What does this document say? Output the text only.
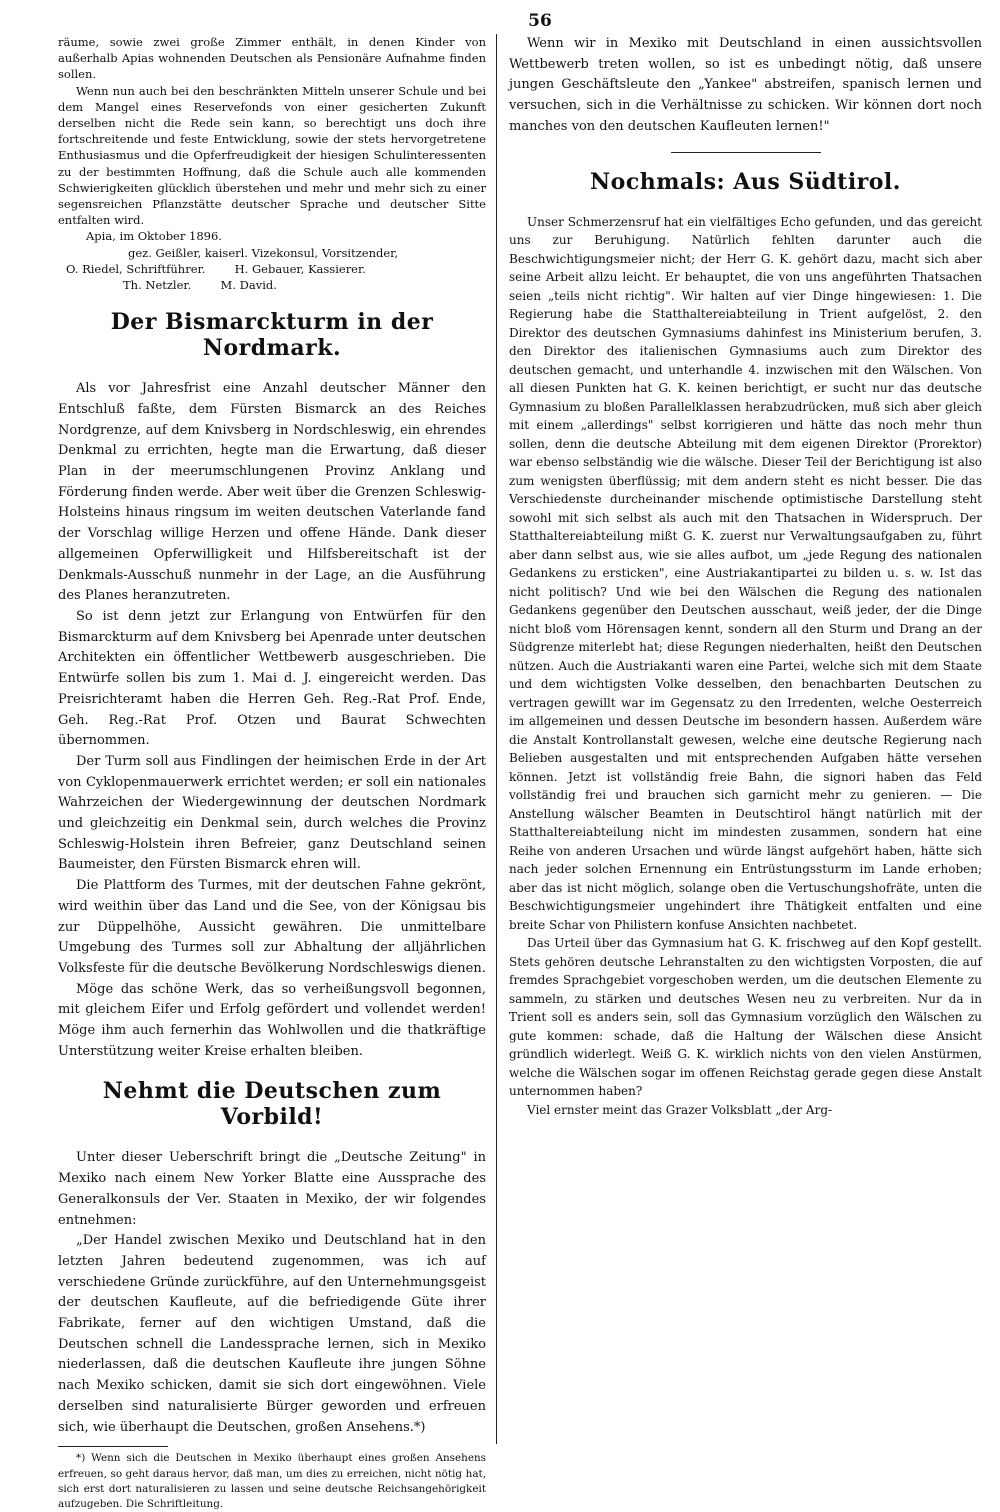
56

räume, sowie zwei große Zimmer enthält, in denen Kinder von außerhalb Apias wohnenden Deutschen als Pensionäre Aufnahme finden sollen.

Wenn nun auch bei den beschränkten Mitteln unserer Schule und bei dem Mangel eines Reservefonds von einer gesicherten Zukunft derselben nicht die Rede sein kann, so berechtigt uns doch ihre fortschreitende und feste Entwicklung, sowie der stets hervorgetretene Enthusiasmus und die Opferfreudigkeit der hiesigen Schulinteressenten zu der bestimmten Hoffnung, daß die Schule auch alle kommenden Schwierigkeiten glücklich überstehen und mehr und mehr sich zu einer segensreichen Pflanzstätte deutscher Sprache und deutscher Sitte entfalten wird.

Apia, im Oktober 1896.
gez. Geißler, kaiserl. Vizekonsul, Vorsitzender,
O. Riedel, Schriftführer.        H. Gebauer, Kassierer.
Th. Netzler.        M. David.
Der Bismarckturm in der Nordmark.

Als vor Jahresfrist eine Anzahl deutscher Männer den Entschluß faßte, dem Fürsten Bismarck an des Reiches Nordgrenze, auf dem Knivsberg in Nordschleswig, ein ehrendes Denkmal zu errichten, hegte man die Erwartung, daß dieser Plan in der meerumschlungenen Provinz Anklang und Förderung finden werde. Aber weit über die Grenzen Schleswig-Holsteins hinaus ringsum im weiten deutschen Vaterlande fand der Vorschlag willige Herzen und offene Hände. Dank dieser allgemeinen Opferwilligkeit und Hilfsbereitschaft ist der Denkmals-Ausschuß nunmehr in der Lage, an die Ausführung des Planes heranzutreten.

So ist denn jetzt zur Erlangung von Entwürfen für den Bismarckturm auf dem Knivsberg bei Apenrade unter deutschen Architekten ein öffentlicher Wettbewerb ausgeschrieben. Die Entwürfe sollen bis zum 1. Mai d. J. eingereicht werden. Das Preisrichteramt haben die Herren Geh. Reg.-Rat Prof. Ende, Geh. Reg.-Rat Prof. Otzen und Baurat Schwechten übernommen.

Der Turm soll aus Findlingen der heimischen Erde in der Art von Cyklopenmauerwerk errichtet werden; er soll ein nationales Wahrzeichen der Wiedergewinnung der deutschen Nordmark und gleichzeitig ein Denkmal sein, durch welches die Provinz Schleswig-Holstein ihren Befreier, ganz Deutschland seinen Baumeister, den Fürsten Bismarck ehren will.

Die Plattform des Turmes, mit der deutschen Fahne gekrönt, wird weithin über das Land und die See, von der Königsau bis zur Düppelhöhe, Aussicht gewähren. Die unmittelbare Umgebung des Turmes soll zur Abhaltung der alljährlichen Volksfeste für die deutsche Bevölkerung Nordschleswigs dienen.

Möge das schöne Werk, das so verheißungsvoll begonnen, mit gleichem Eifer und Erfolg gefördert und vollendet werden! Möge ihm auch fernerhin das Wohlwollen und die thatkräftige Unterstützung weiter Kreise erhalten bleiben.

Nehmt die Deutschen zum Vorbild!

Unter dieser Ueberschrift bringt die „Deutsche Zeitung" in Mexiko nach einem New Yorker Blatte eine Aussprache des Generalkonsuls der Ver. Staaten in Mexiko, der wir folgendes entnehmen:

„Der Handel zwischen Mexiko und Deutschland hat in den letzten Jahren bedeutend zugenommen, was ich auf verschiedene Gründe zurückführe, auf den Unternehmungsgeist der deutschen Kaufleute, auf die befriedigende Güte ihrer Fabrikate, ferner auf den wichtigen Umstand, daß die Deutschen schnell die Landessprache lernen, sich in Mexiko niederlassen, daß die deutschen Kaufleute ihre jungen Söhne nach Mexiko schicken, damit sie sich dort eingewöhnen. Viele derselben sind naturalisierte Bürger geworden und erfreuen sich, wie überhaupt die Deutschen, großen Ansehens.*)

*) Wenn sich die Deutschen in Mexiko überhaupt eines großen Ansehens erfreuen, so geht daraus hervor, daß man, um dies zu erreichen, nicht nötig hat, sich erst dort naturalisieren zu lassen und seine deutsche Reichsangehörigkeit aufzugeben. Die Schriftleitung.

Wenn wir in Mexiko mit Deutschland in einen aussichtsvollen Wettbewerb treten wollen, so ist es unbedingt nötig, daß unsere jungen Geschäftsleute den „Yankee" abstreifen, spanisch lernen und versuchen, sich in die Verhältnisse zu schicken. Wir können dort noch manches von den deutschen Kaufleuten lernen!"

Nochmals: Aus Südtirol.

Unser Schmerzensruf hat ein vielfältiges Echo gefunden, und das gereicht uns zur Beruhigung. Natürlich fehlten darunter auch die Beschwichtigungsmeier nicht; der Herr G. K. gehört dazu, macht sich aber seine Arbeit allzu leicht. Er behauptet, die von uns angeführten Thatsachen seien „teils nicht richtig". Wir halten auf vier Dinge hingewiesen: 1. Die Regierung habe die Statthaltereiabteilung in Trient aufgelöst, 2. den Direktor des deutschen Gymnasiums dahinfest ins Ministerium berufen, 3. den Direktor des italienischen Gymnasiums auch zum Direktor des deutschen gemacht, und unterhandle 4. inzwischen mit den Wälschen. Von all diesen Punkten hat G. K. keinen berichtigt, er sucht nur das deutsche Gymnasium zu bloßen Parallelklassen herabzudrücken, muß sich aber gleich mit einem „allerdings" selbst korrigieren und hätte das noch mehr thun sollen, denn die deutsche Abteilung mit dem eigenen Direktor (Prorektor) war ebenso selbständig wie die wälsche. Dieser Teil der Berichtigung ist also zum wenigsten überflüssig; mit dem andern steht es nicht besser. Die das Verschiedenste durcheinander mischende optimistische Darstellung steht sowohl mit sich selbst als auch mit den Thatsachen in Widerspruch. Der Statthaltereiabteilung mißt G. K. zuerst nur Verwaltungsaufgaben zu, führt aber dann selbst aus, wie sie alles aufbot, um „jede Regung des nationalen Gedankens zu ersticken", eine Austriakantipartei zu bilden u. s. w. Ist das nicht politisch? Und wie bei den Wälschen die Regung des nationalen Gedankens gegenüber den Deutschen ausschaut, weiß jeder, der die Dinge nicht bloß vom Hörensagen kennt, sondern all den Sturm und Drang an der Südgrenze miterlebt hat; diese Regungen niederhalten, heißt den Deutschen nützen. Auch die Austriakanti waren eine Partei, welche sich mit dem Staate und dem wichtigsten Volke desselben, den benachbarten Deutschen zu vertragen gewillt war im Gegensatz zu den Irredenten, welche Oesterreich im allgemeinen und dessen Deutsche im besondern hassen. Außerdem wäre die Anstalt Kontrollanstalt gewesen, welche eine deutsche Regierung nach Belieben ausgestalten und mit entsprechenden Aufgaben hätte versehen können. Jetzt ist vollständig freie Bahn, die signori haben das Feld vollständig frei und brauchen sich garnicht mehr zu genieren. — Die Anstellung wälscher Beamten in Deutschtirol hängt natürlich mit der Statthaltereiabteilung nicht im mindesten zusammen, sondern hat eine Reihe von anderen Ursachen und würde längst aufgehört haben, hätte sich nach jeder solchen Ernennung ein Entrüstungssturm im Lande erhoben; aber das ist nicht möglich, solange oben die Vertuschungshofräte, unten die Beschwichtigungsmeier ungehindert ihre Thätigkeit entfalten und eine breite Schar von Philistern konfuse Ansichten nachbetet.

Das Urteil über das Gymnasium hat G. K. frischweg auf den Kopf gestellt. Stets gehören deutsche Lehranstalten zu den wichtigsten Vorposten, die auf fremdes Sprachgebiet vorgeschoben werden, um die deutschen Elemente zu sammeln, zu stärken und deutsches Wesen neu zu verbreiten. Nur da in Trient soll es anders sein, soll das Gymnasium vorzüglich den Wälschen zu gute kommen: schade, daß die Haltung der Wälschen diese Ansicht gründlich widerlegt. Weiß G. K. wirklich nichts von den vielen Anstürmen, welche die Wälschen sogar im offenen Reichstag gerade gegen diese Anstalt unternommen haben?

Viel ernster meint das Grazer Volksblatt „der Arg-
